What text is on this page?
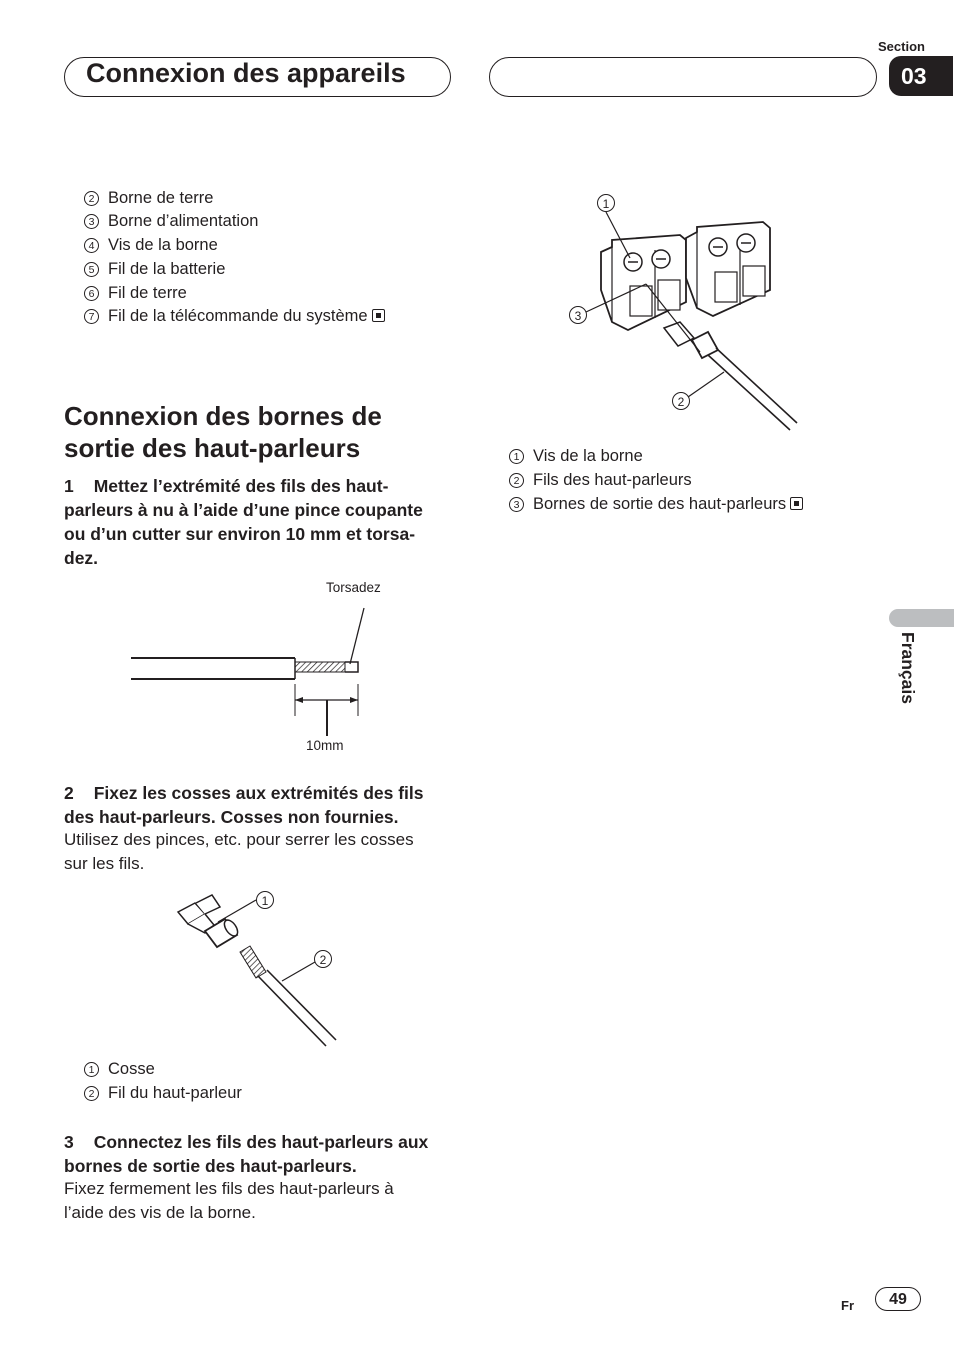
Connexion des appareils
Section
03
2 Borne de terre
3 Borne d’alimentation
4 Vis de la borne
5 Fil de la batterie
6 Fil de terre
7 Fil de la télécommande du système
Connexion des bornes de sortie des haut-parleurs
1 Mettez l’extrémité des fils des haut-
parleurs à nu à l’aide d’une pince coupante
ou d’un cutter sur environ 10 mm et torsa-
dez.
Torsadez
10mm
2 Fixez les cosses aux extrémités des fils
des haut-parleurs. Cosses non fournies.
Utilisez des pinces, etc. pour serrer les cosses
sur les fils.
1
2
1 Cosse
2 Fil du haut-parleur
3 Connectez les fils des haut-parleurs aux
bornes de sortie des haut-parleurs.
Fixez fermement les fils des haut-parleurs à
l’aide des vis de la borne.
1
3
2
1 Vis de la borne
2 Fils des haut-parleurs
3 Bornes de sortie des haut-parleurs
Français
Fr	49
